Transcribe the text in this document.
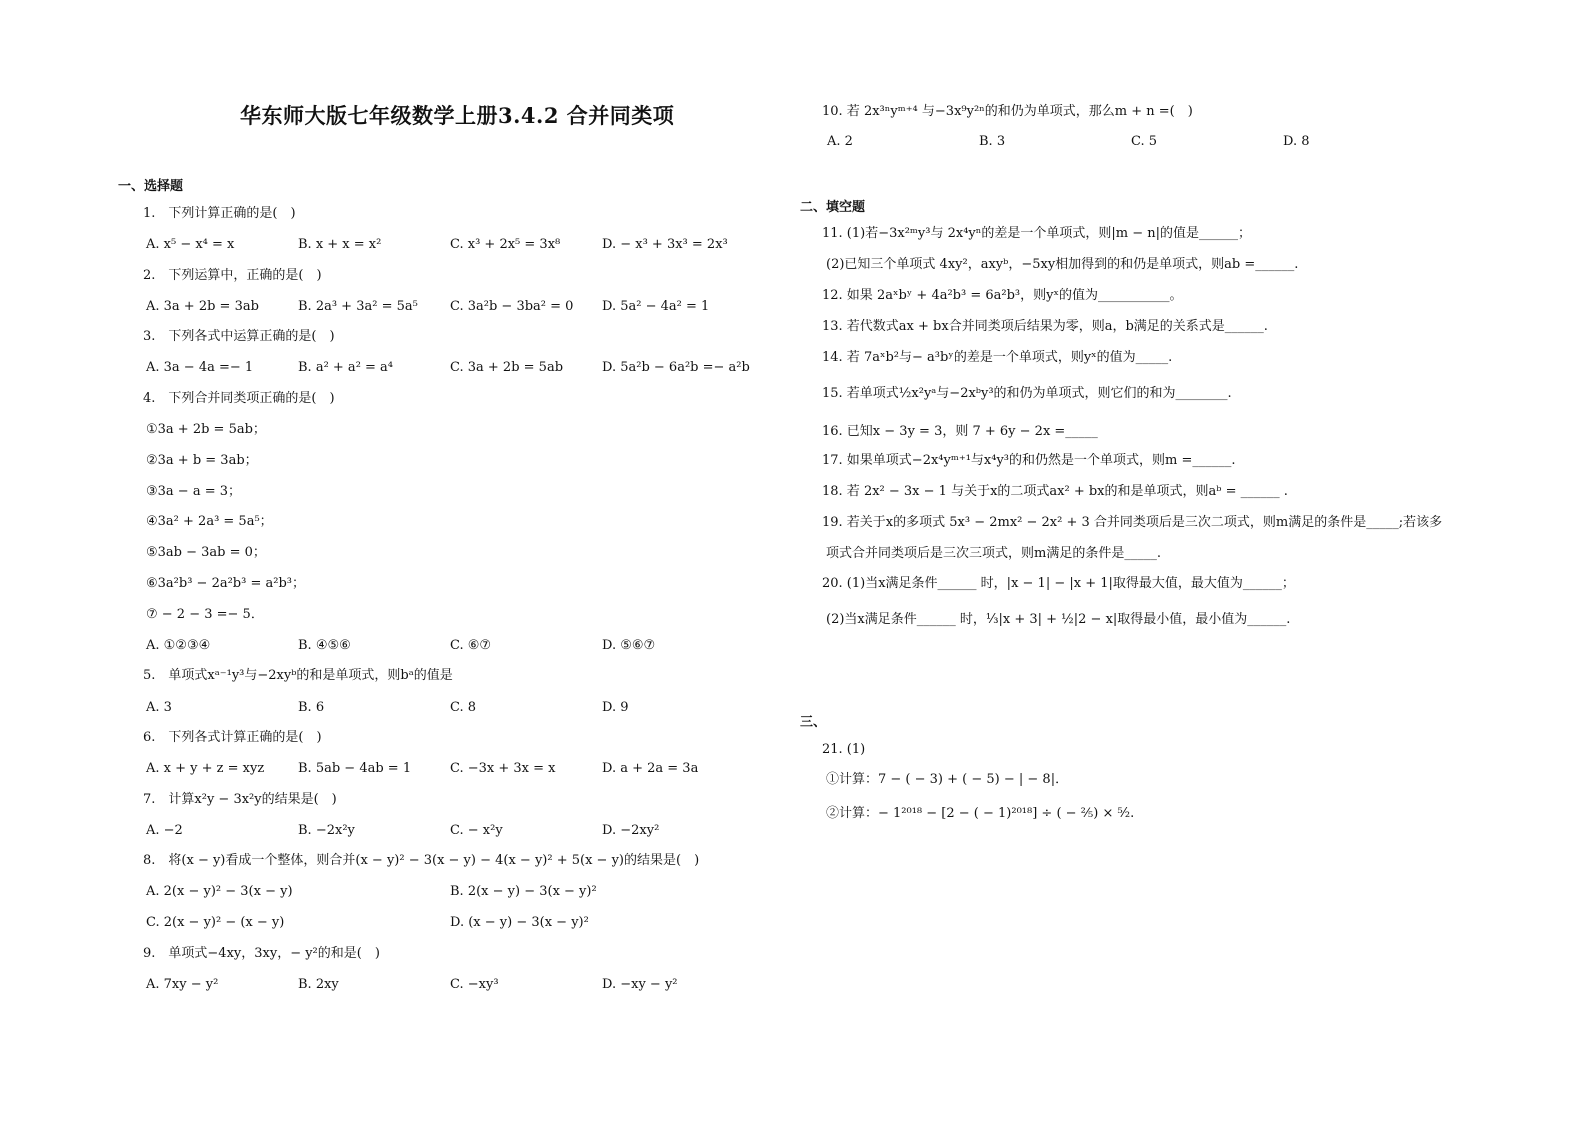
华东师大版七年级数学上册3.4.2 合并同类项
一、选择题
1.　下列计算正确的是(　)
A. x⁵ − x⁴ = x	B. x + x = x²	C. x³ + 2x⁵ = 3x⁸	D. − x³ + 3x³ = 2x³
2.　下列运算中，正确的是(　)
A. 3a + 2b = 3ab	B. 2a³ + 3a² = 5a⁵	C. 3a²b − 3ba² = 0	D. 5a² − 4a² = 1
3.　下列各式中运算正确的是(　)
A. 3a − 4a =− 1	B. a² + a² = a⁴	C. 3a + 2b = 5ab	D. 5a²b − 6a²b =− a²b
4.　下列合并同类项正确的是(　)
①3a + 2b = 5ab；
②3a + b = 3ab；
③3a − a = 3；
④3a² + 2a³ = 5a⁵；
⑤3ab − 3ab = 0；
⑥3a²b³ − 2a²b³ = a²b³；
⑦ − 2 − 3 =− 5．
A. ①②③④	B. ④⑤⑥	C. ⑥⑦	D. ⑤⑥⑦
5.　单项式xᵃ⁻¹y³与−2xyᵇ的和是单项式，则bᵃ的值是
A. 3	B. 6	C. 8	D. 9
6.　下列各式计算正确的是(　)
A. x + y + z = xyz	B. 5ab − 4ab = 1	C. −3x + 3x = x	D. a + 2a = 3a
7.　计算x²y − 3x²y的结果是(　)
A. −2	B. −2x²y	C. − x²y	D. −2xy²
8.　将(x − y)看成一个整体，则合并(x − y)² − 3(x − y) − 4(x − y)² + 5(x − y)的结果是(　)
A. 2(x − y)² − 3(x − y)	B. 2(x − y) − 3(x − y)²
C. 2(x − y)² − (x − y)	D. (x − y) − 3(x − y)²
9.　单项式−4xy，3xy，− y²的和是(　)
A. 7xy − y²	B. 2xy	C. −xy³	D. −xy − y²
二、填空题
三、
10. 若 2x³ⁿyᵐ⁺⁴ 与−3x⁹y²ⁿ的和仍为单项式，那么m + n =(　)
A. 2	B. 3	C. 5	D. 8
11. (1)若−3x²ᵐy³与 2x⁴yⁿ的差是一个单项式，则|m − n|的值是______；
(2)已知三个单项式 4xy²，axyᵇ，−5xy相加得到的和仍是单项式，则ab =______.
12. 如果 2aˣbʸ + 4a²b³ = 6a²b³，则yˣ的值为___________。
13. 若代数式ax + bx合并同类项后结果为零，则a，b满足的关系式是______.
14. 若 7aˣb²与− a³bʸ的差是一个单项式，则yˣ的值为_____.
15. 若单项式½x²yᵃ与−2xᵇy³的和仍为单项式，则它们的和为________.
16. 已知x − 3y = 3，则 7 + 6y − 2x =_____
17. 如果单项式−2x⁴yᵐ⁺¹与x⁴y³的和仍然是一个单项式，则m =______.
18. 若 2x² − 3x − 1 与关于x的二项式ax² + bx的和是单项式，则aᵇ = ______ .
19. 若关于x的多项式 5x³ − 2mx² − 2x² + 3 合并同类项后是三次二项式，则m满足的条件是_____;若该多
项式合并同类项后是三次三项式，则m满足的条件是_____.
20. (1)当x满足条件______ 时，|x − 1| − |x + 1|取得最大值，最大值为______；
(2)当x满足条件______ 时，⅓|x + 3| + ½|2 − x|取得最小值，最小值为______.
21. (1)
①计算：7 − ( − 3) + ( − 5) − | − 8|．
②计算：− 1²⁰¹⁸ − [2 − ( − 1)²⁰¹⁸] ÷ ( − ⅖) × ⁵⁄₂.
